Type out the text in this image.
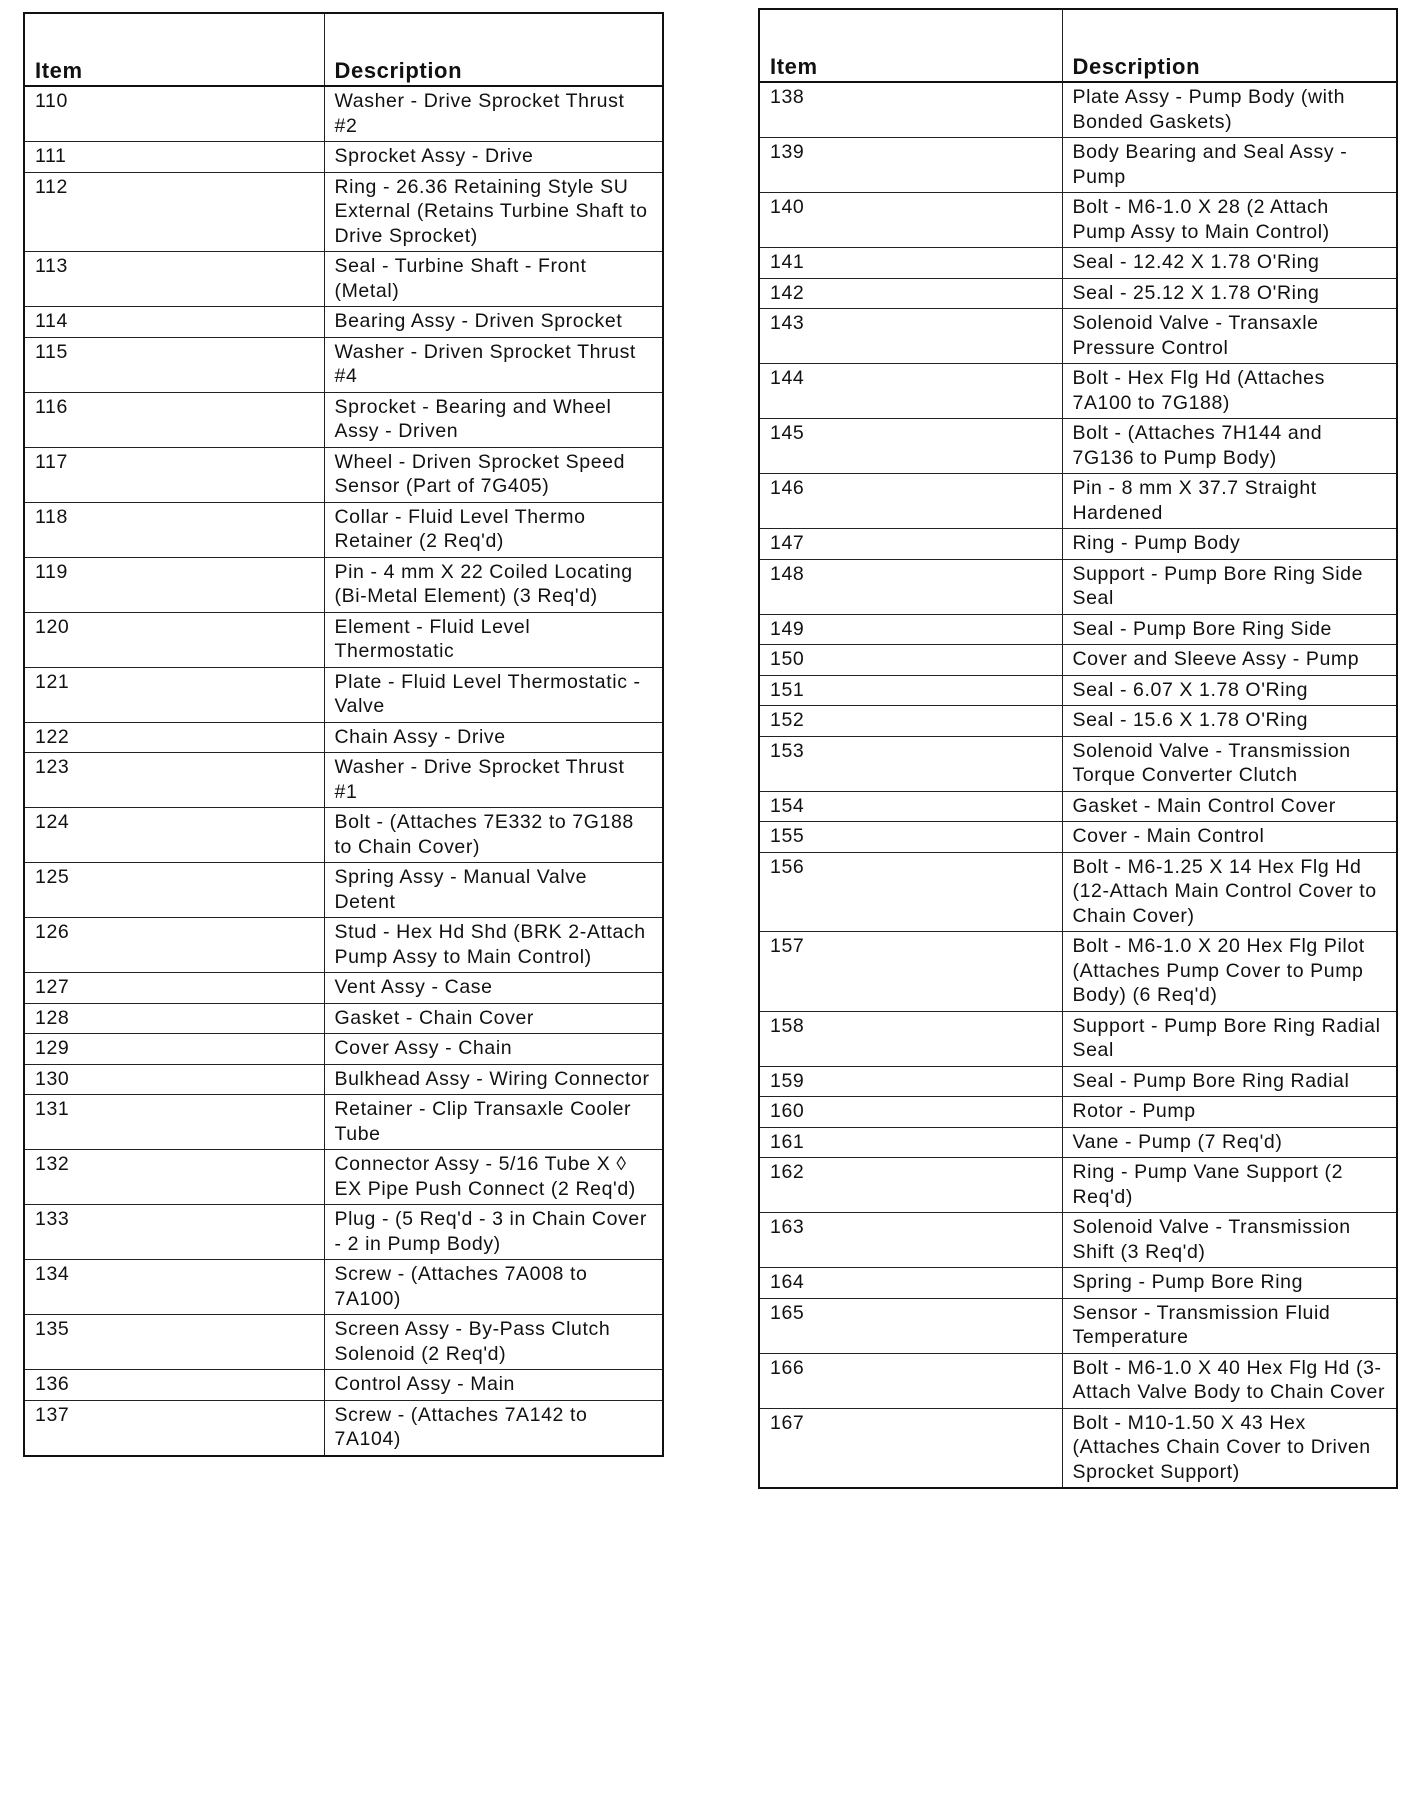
Item	Description
110	Washer - Drive Sprocket Thrust #2
111	Sprocket Assy - Drive
112	Ring - 26.36 Retaining Style SU External (Retains Turbine Shaft to Drive Sprocket)
113	Seal - Turbine Shaft - Front (Metal)
114	Bearing Assy - Driven Sprocket
115	Washer - Driven Sprocket Thrust #4
116	Sprocket - Bearing and Wheel Assy - Driven
117	Wheel - Driven Sprocket Speed Sensor (Part of 7G405)
118	Collar - Fluid Level Thermo Retainer (2 Req'd)
119	Pin - 4 mm X 22 Coiled Locating (Bi-Metal Element) (3 Req'd)
120	Element - Fluid Level Thermostatic
121	Plate - Fluid Level Thermostatic - Valve
122	Chain Assy - Drive
123	Washer - Drive Sprocket Thrust #1
124	Bolt - (Attaches 7E332 to 7G188 to Chain Cover)
125	Spring Assy - Manual Valve Detent
126	Stud - Hex Hd Shd (BRK 2-Attach Pump Assy to Main Control)
127	Vent Assy - Case
128	Gasket - Chain Cover
129	Cover Assy - Chain
130	Bulkhead Assy - Wiring Connector
131	Retainer - Clip Transaxle Cooler Tube
132	Connector Assy - 5/16 Tube X ◊ EX Pipe Push Connect (2 Req'd)
133	Plug - (5 Req'd - 3 in Chain Cover - 2 in Pump Body)
134	Screw - (Attaches 7A008 to 7A100)
135	Screen Assy - By-Pass Clutch Solenoid (2 Req'd)
136	Control Assy - Main
137	Screw - (Attaches 7A142 to 7A104)
Item	Description
138	Plate Assy - Pump Body (with Bonded Gaskets)
139	Body Bearing and Seal Assy - Pump
140	Bolt - M6-1.0 X 28 (2 Attach Pump Assy to Main Control)
141	Seal - 12.42 X 1.78 O'Ring
142	Seal - 25.12 X 1.78 O'Ring
143	Solenoid Valve - Transaxle Pressure Control
144	Bolt - Hex Flg Hd (Attaches 7A100 to 7G188)
145	Bolt - (Attaches 7H144 and 7G136 to Pump Body)
146	Pin - 8 mm X 37.7 Straight Hardened
147	Ring - Pump Body
148	Support - Pump Bore Ring Side Seal
149	Seal - Pump Bore Ring Side
150	Cover and Sleeve Assy - Pump
151	Seal - 6.07 X 1.78 O'Ring
152	Seal - 15.6 X 1.78 O'Ring
153	Solenoid Valve - Transmission Torque Converter Clutch
154	Gasket - Main Control Cover
155	Cover - Main Control
156	Bolt - M6-1.25 X 14 Hex Flg Hd (12-Attach Main Control Cover to Chain Cover)
157	Bolt - M6-1.0 X 20 Hex Flg Pilot (Attaches Pump Cover to Pump Body) (6 Req'd)
158	Support - Pump Bore Ring Radial Seal
159	Seal - Pump Bore Ring Radial
160	Rotor - Pump
161	Vane - Pump (7 Req'd)
162	Ring - Pump Vane Support (2 Req'd)
163	Solenoid Valve - Transmission Shift (3 Req'd)
164	Spring - Pump Bore Ring
165	Sensor - Transmission Fluid Temperature
166	Bolt - M6-1.0 X 40 Hex Flg Hd (3-Attach Valve Body to Chain Cover
167	Bolt - M10-1.50 X 43 Hex (Attaches Chain Cover to Driven Sprocket Support)
